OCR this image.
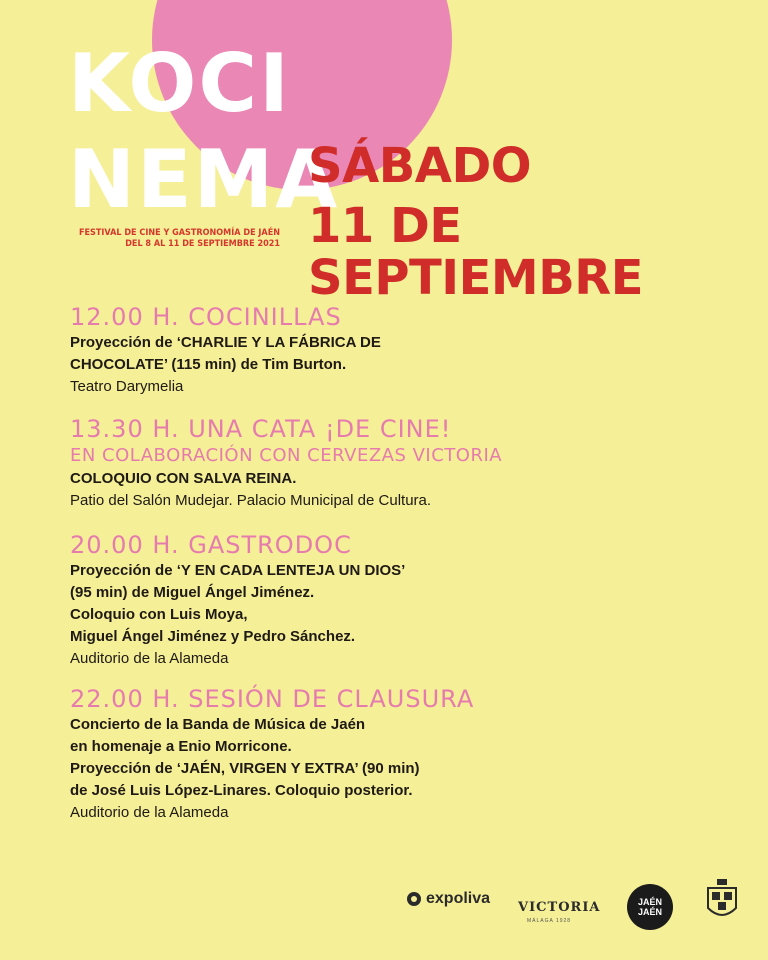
KOCI
NEMA
FESTIVAL DE CINE Y GASTRONOMÍA DE JAÉN
DEL 8 AL 11 DE SEPTIEMBRE 2021
SÁBADO
11 DE SEPTIEMBRE
12.00 H. COCINILLAS
Proyección de ‘CHARLIE Y LA FÁBRICA DE
CHOCOLATE’ (115 min) de Tim Burton.
Teatro Darymelia
13.30 H. UNA CATA ¡DE CINE!
EN COLABORACIÓN CON CERVEZAS VICTORIA
COLOQUIO CON SALVA REINA.
Patio del Salón Mudejar. Palacio Municipal de Cultura.
20.00 H. GASTRODOC
Proyección de ‘Y EN CADA LENTEJA UN DIOS’
(95 min) de Miguel Ángel Jiménez.
Coloquio con Luis Moya,
Miguel Ángel Jiménez y Pedro Sánchez.
Auditorio de la Alameda
22.00 H. SESIÓN DE CLAUSURA
Concierto de la Banda de Música de Jaén
en homenaje a Enio Morricone.
Proyección de ‘JAÉN, VIRGEN Y EXTRA’ (90 min)
de José Luis López-Linares. Coloquio posterior.
Auditorio de la Alameda
expoliva
VICTORIA
MÁLAGA 1928
JAÉN
JAÉN
